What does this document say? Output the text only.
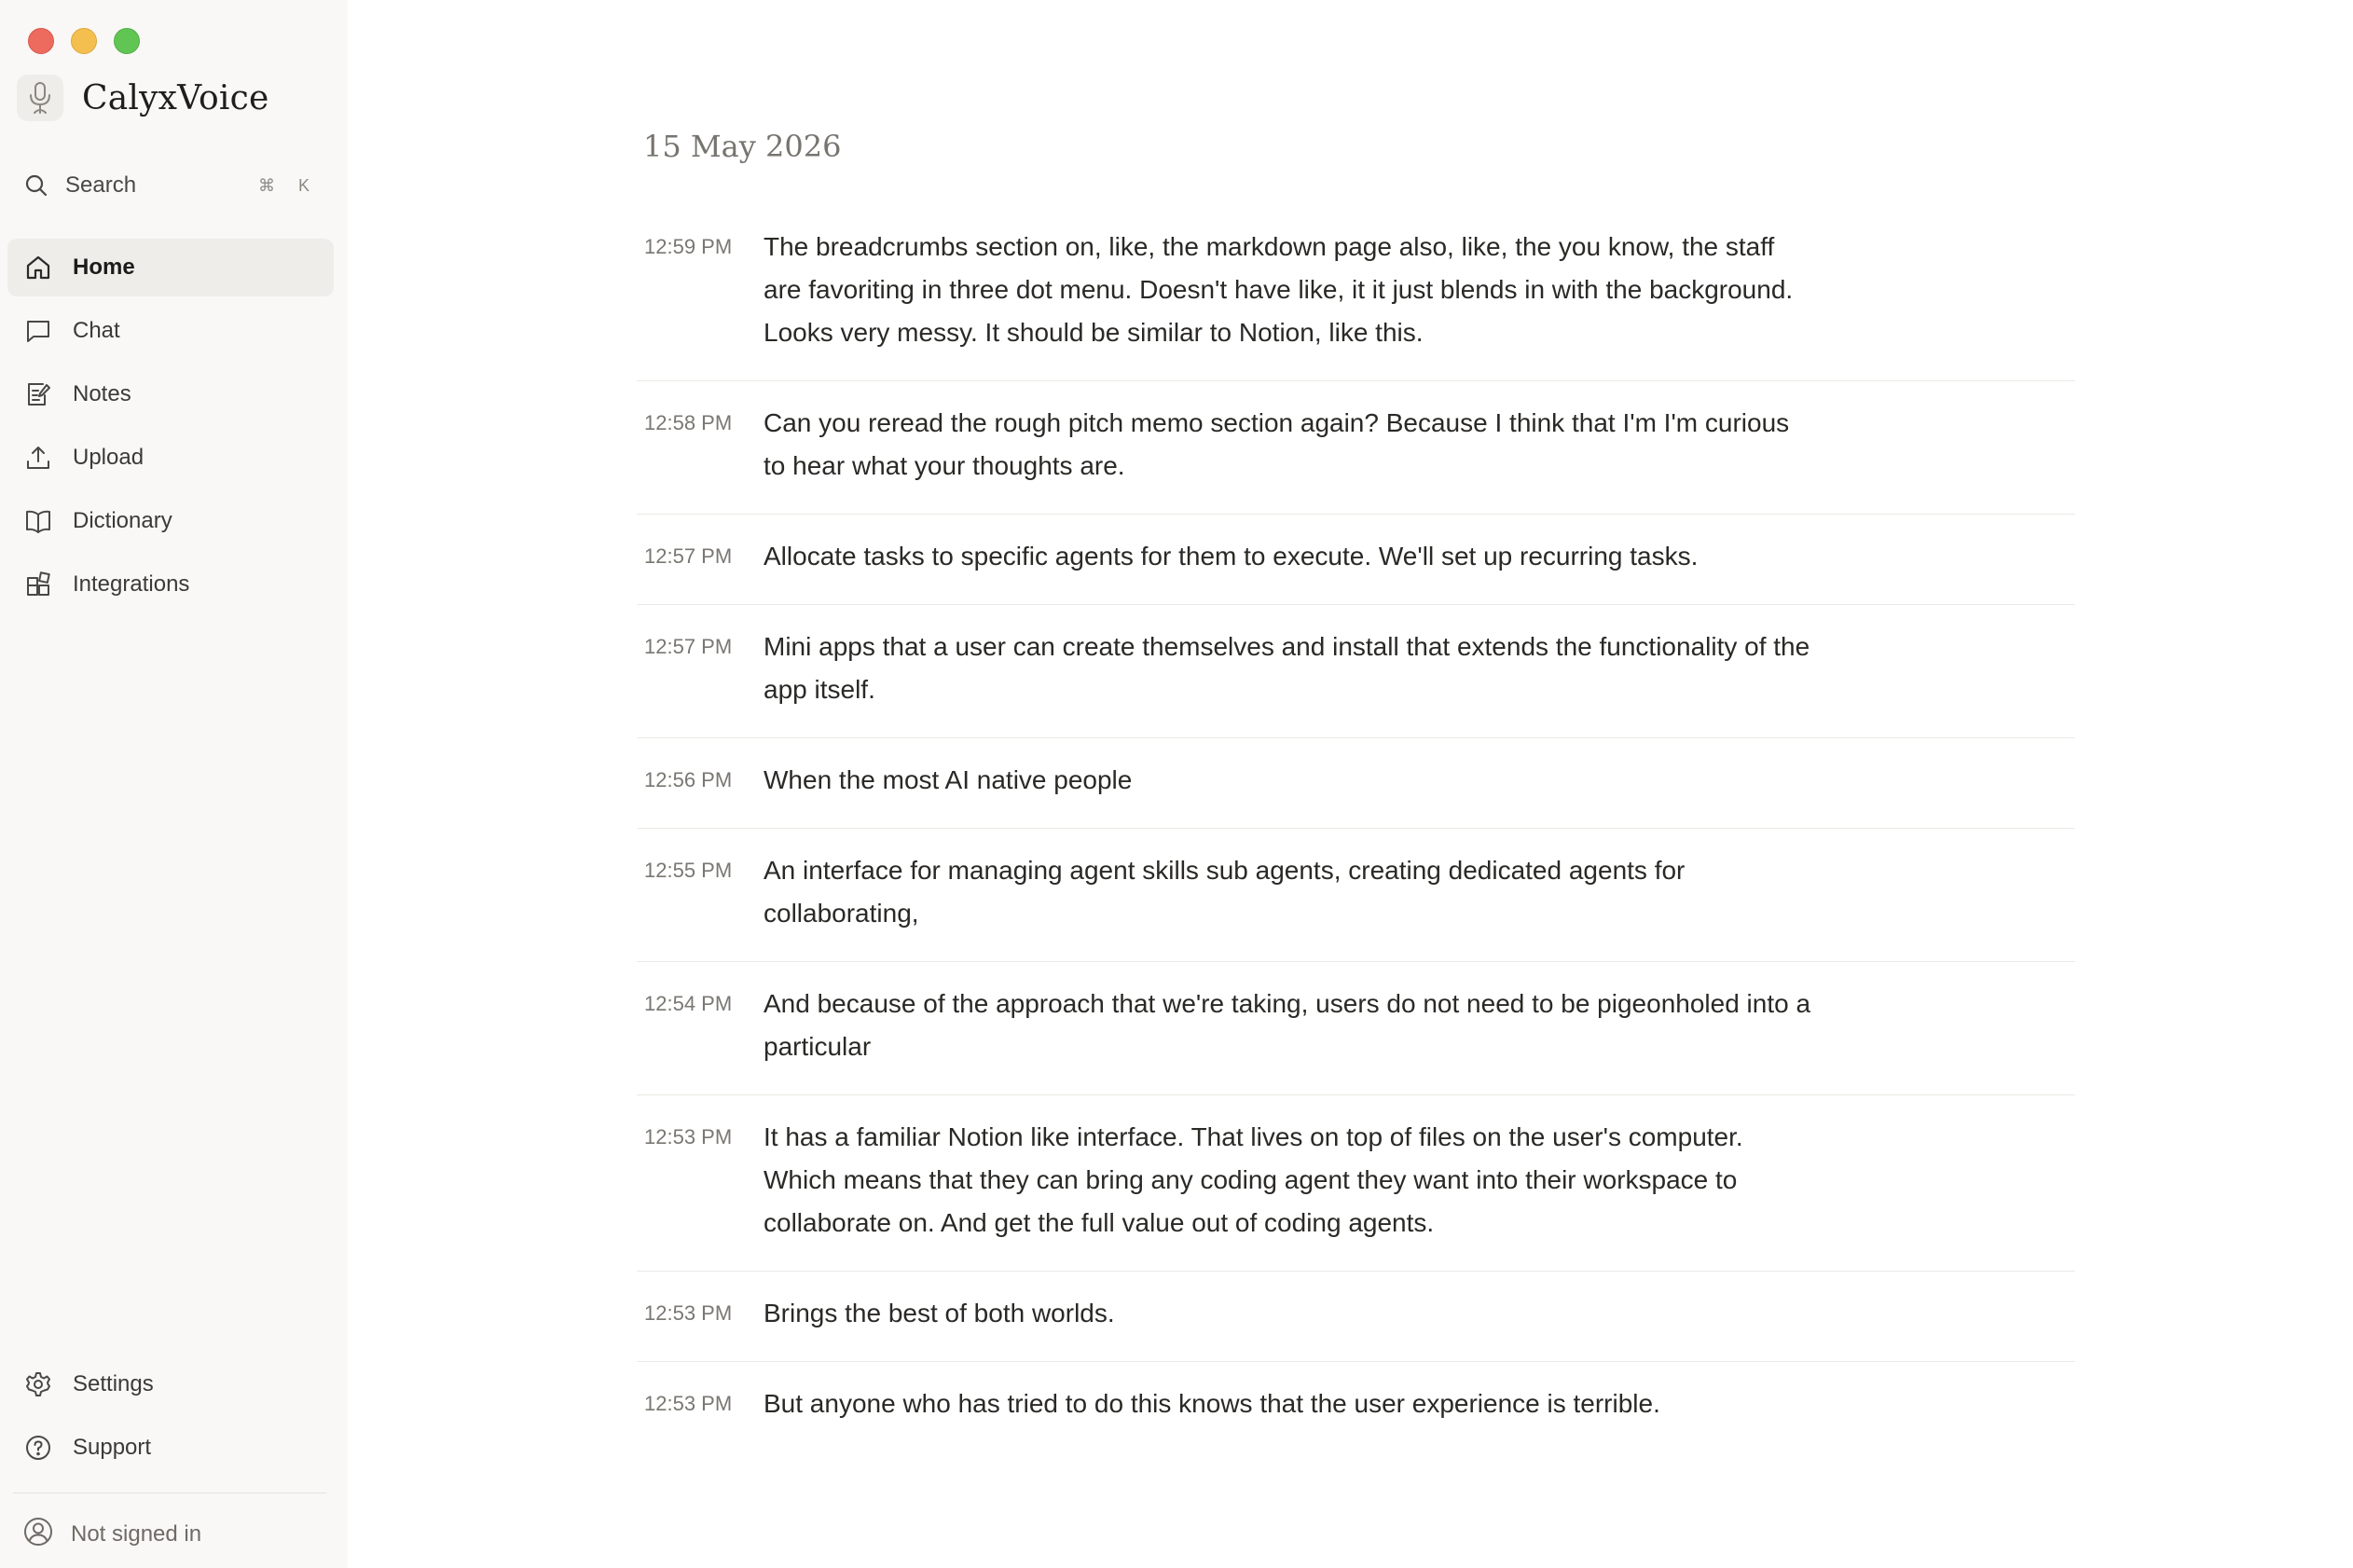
CalyxVoice
Search	⌘ K
Home
Chat
Notes
Upload
Dictionary
Integrations
Settings
Support
Not signed in
15 May 2026
12:59 PM	The breadcrumbs section on, like, the markdown page also, like, the you know, the staff are favoriting in three dot menu. Doesn't have like, it it just blends in with the background. Looks very messy. It should be similar to Notion, like this.
12:58 PM	Can you reread the rough pitch memo section again? Because I think that I'm I'm curious to hear what your thoughts are.
12:57 PM	Allocate tasks to specific agents for them to execute. We'll set up recurring tasks.
12:57 PM	Mini apps that a user can create themselves and install that extends the functionality of the app itself.
12:56 PM	When the most AI native people
12:55 PM	An interface for managing agent skills sub agents, creating dedicated agents for collaborating,
12:54 PM	And because of the approach that we're taking, users do not need to be pigeonholed into a particular
12:53 PM	It has a familiar Notion like interface. That lives on top of files on the user's computer. Which means that they can bring any coding agent they want into their workspace to collaborate on. And get the full value out of coding agents.
12:53 PM	Brings the best of both worlds.
12:53 PM	But anyone who has tried to do this knows that the user experience is terrible.
